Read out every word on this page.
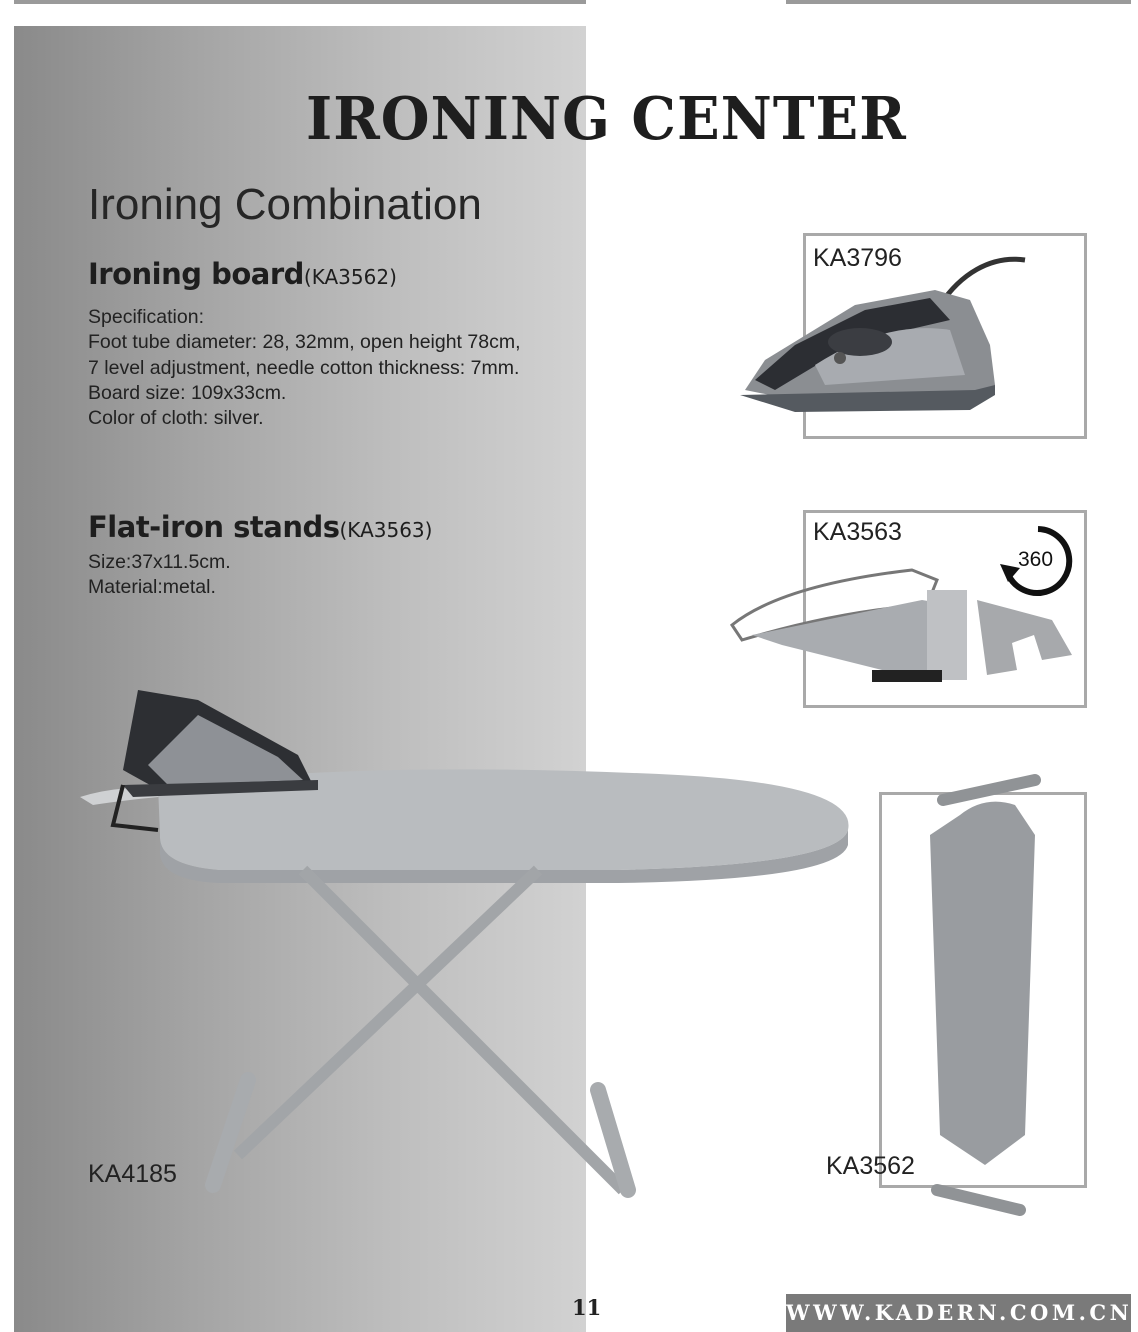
IRONING CENTER
Ironing Combination
Ironing board(KA3562)
Specification:
Foot tube diameter: 28, 32mm, open height 78cm,
7 level adjustment, needle cotton thickness: 7mm.
Board size: 109x33cm.
Color of cloth: silver.
Flat-iron stands(KA3563)
Size:37x11.5cm.
Material:metal.
KA3796
KA3563
360
KA3562
KA4185
11	WWW.KADERN.COM.CN
